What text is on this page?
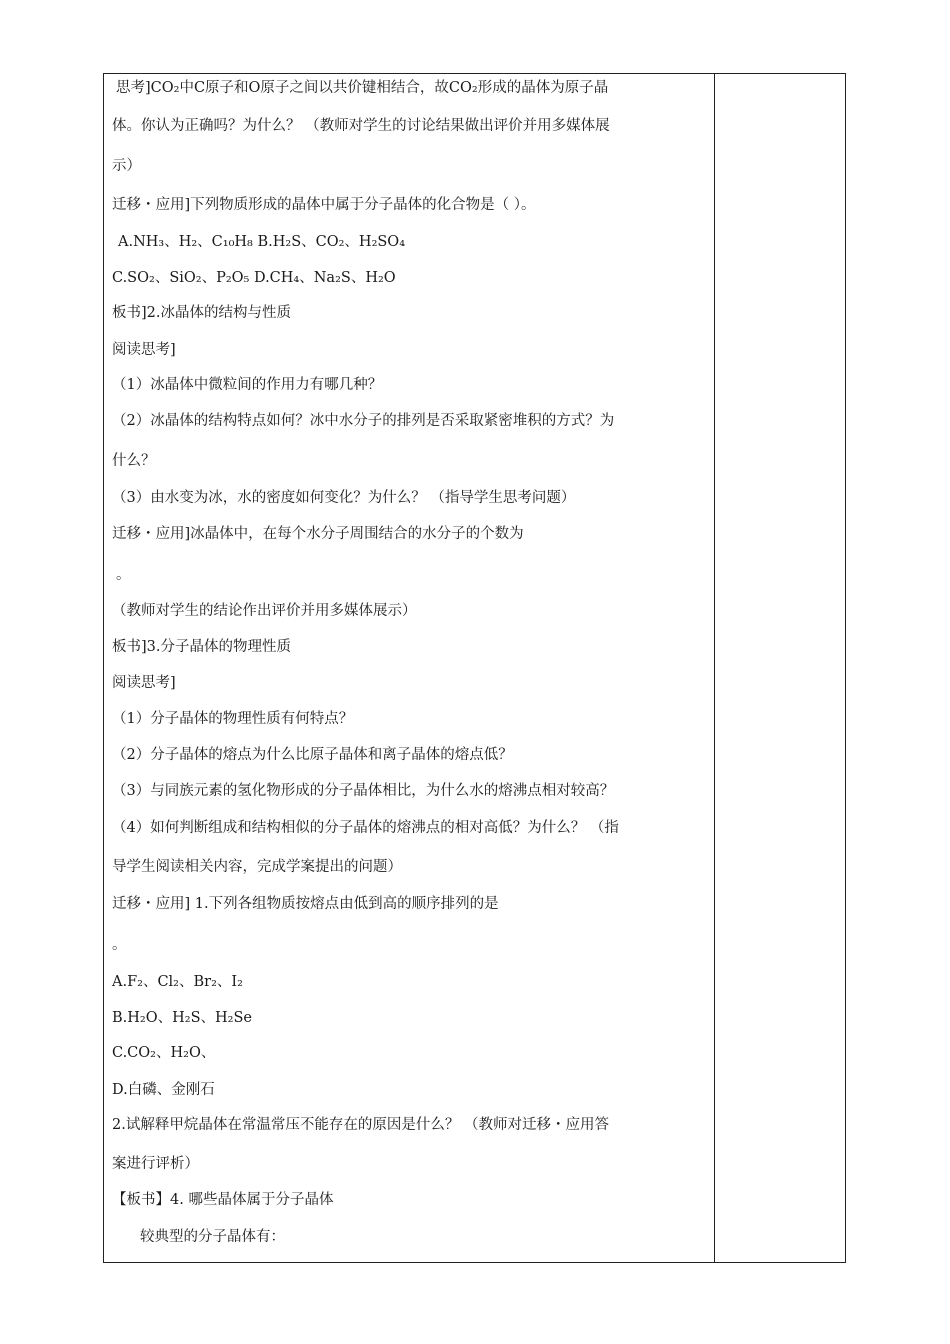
思考]CO₂中C原子和O原子之间以共价键相结合，故CO₂形成的晶体为原子晶
体。你认为正确吗？为什么？ （教师对学生的讨论结果做出评价并用多媒体展
示）
迁移・应用]下列物质形成的晶体中属于分子晶体的化合物是（ ）。
A.NH₃、H₂、C₁₀H₈ B.H₂S、CO₂、H₂SO₄
C.SO₂、SiO₂、P₂O₅ D.CH₄、Na₂S、H₂O
板书]2.冰晶体的结构与性质
阅读思考]
（1）冰晶体中微粒间的作用力有哪几种？
（2）冰晶体的结构特点如何？冰中水分子的排列是否采取紧密堆积的方式？为
什么？
（3）由水变为冰，水的密度如何变化？为什么？ （指导学生思考问题）
迁移・应用]冰晶体中，在每个水分子周围结合的水分子的个数为
。
（教师对学生的结论作出评价并用多媒体展示）
板书]3.分子晶体的物理性质
阅读思考]
（1）分子晶体的物理性质有何特点？
（2）分子晶体的熔点为什么比原子晶体和离子晶体的熔点低？
（3）与同族元素的氢化物形成的分子晶体相比，为什么水的熔沸点相对较高？
（4）如何判断组成和结构相似的分子晶体的熔沸点的相对高低？为什么？ （指
导学生阅读相关内容，完成学案提出的问题）
迁移・应用] 1.下列各组物质按熔点由低到高的顺序排列的是
。
A.F₂、Cl₂、Br₂、I₂
B.H₂O、H₂S、H₂Se
C.CO₂、H₂O、
D.白磷、金刚石
2.试解释甲烷晶体在常温常压不能存在的原因是什么？ （教师对迁移・应用答
案进行评析）
【板书】4. 哪些晶体属于分子晶体
较典型的分子晶体有：
